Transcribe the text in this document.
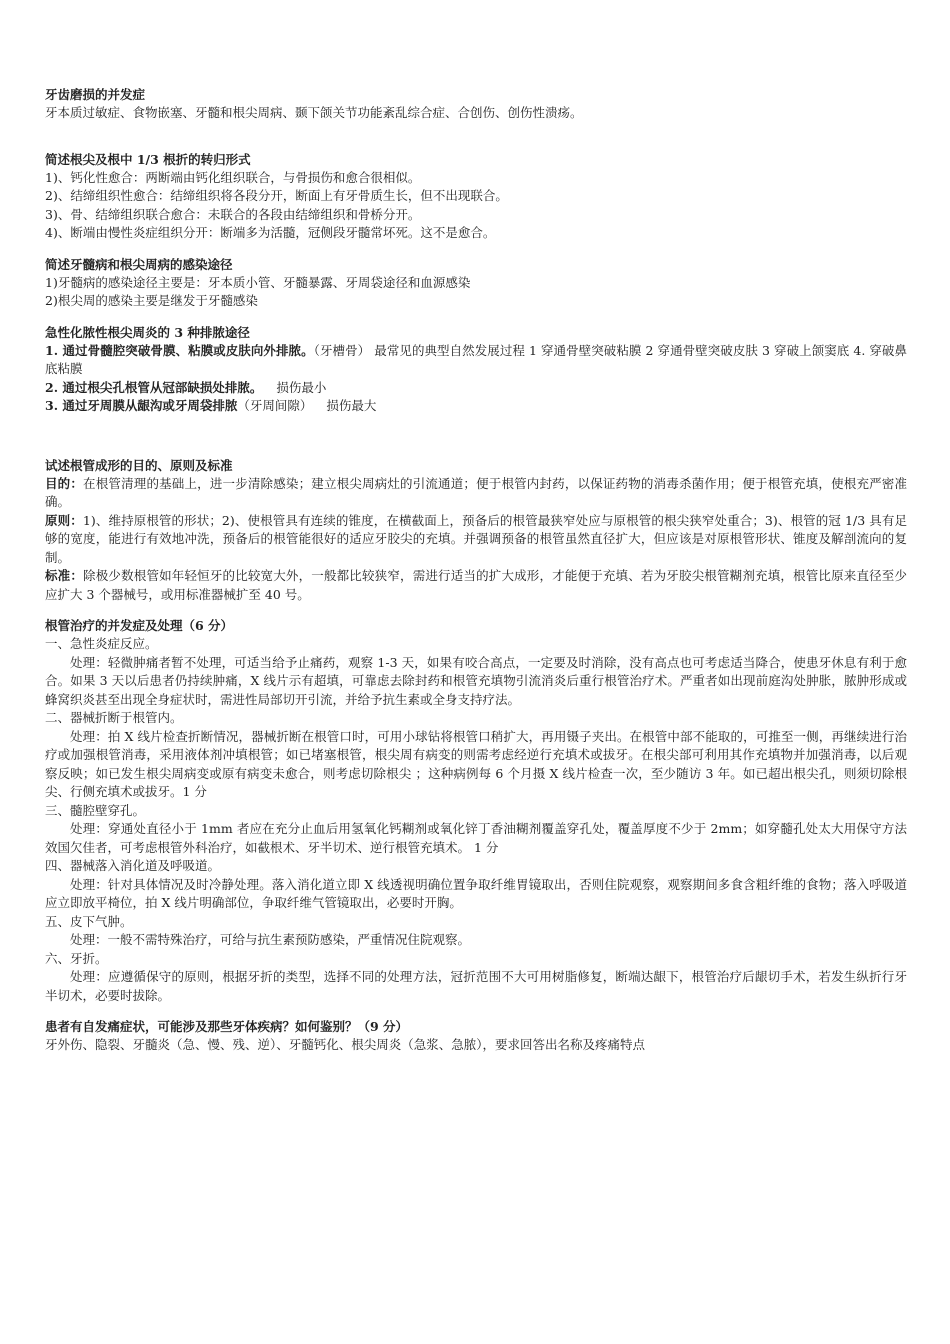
牙齿磨损的并发症

牙本质过敏症、食物嵌塞、牙髓和根尖周病、颞下颌关节功能紊乱综合症、合创伤、创伤性溃疡。

简述根尖及根中 1/3 根折的转归形式

1)、钙化性愈合：两断端由钙化组织联合，与骨损伤和愈合很相似。

2)、结缔组织性愈合：结缔组织将各段分开，断面上有牙骨质生长，但不出现联合。

3)、骨、结缔组织联合愈合：未联合的各段由结缔组织和骨桥分开。

4)、断端由慢性炎症组织分开：断端多为活髓，冠侧段牙髓常坏死。这不是愈合。

简述牙髓病和根尖周病的感染途径

1)牙髓病的感染途径主要是：牙本质小管、牙髓暴露、牙周袋途径和血源感染

2)根尖周的感染主要是继发于牙髓感染

急性化脓性根尖周炎的 3 种排脓途径

1. 通过骨髓腔突破骨膜、粘膜或皮肤向外排脓。（牙槽骨） 最常见的典型自然发展过程 1 穿通骨壁突破粘膜 2 穿通骨壁突破皮肤 3 穿破上颌窦底 4. 穿破鼻底粘膜

2. 通过根尖孔根管从冠部缺损处排脓。 损伤最小

3. 通过牙周膜从龈沟或牙周袋排脓（牙周间隙） 损伤最大

试述根管成形的目的、原则及标准

目的：在根管清理的基础上，进一步清除感染；建立根尖周病灶的引流通道；便于根管内封药，以保证药物的消毒杀菌作用；便于根管充填，使根充严密准确。

原则：1)、维持原根管的形状；2)、使根管具有连续的锥度，在横截面上，预备后的根管最狭窄处应与原根管的根尖狭窄处重合；3)、根管的冠 1/3 具有足够的宽度，能进行有效地冲洗，预备后的根管能很好的适应牙胶尖的充填。并强调预备的根管虽然直径扩大，但应该是对原根管形状、锥度及解剖流向的复制。

标准：除极少数根管如年轻恒牙的比较宽大外，一般都比较狭窄，需进行适当的扩大成形，才能便于充填、若为牙胶尖根管糊剂充填，根管比原来直径至少应扩大 3 个器械号，或用标准器械扩至 40 号。

根管治疗的并发症及处理（6 分）

一、急性炎症反应。

处理：轻微肿痛者暂不处理，可适当给予止痛药，观察 1-3 天，如果有咬合高点，一定要及时消除，没有高点也可考虑适当降合，使患牙休息有利于愈合。如果 3 天以后患者仍持续肿痛，X 线片示有超填，可靠虑去除封药和根管充填物引流消炎后重行根管治疗术。严重者如出现前庭沟处肿胀，脓肿形成或蜂窝织炎甚至出现全身症状时，需进性局部切开引流，并给予抗生素或全身支持疗法。

二、器械折断于根管内。

处理：拍 X 线片检查折断情况，器械折断在根管口时，可用小球钻将根管口稍扩大，再用镊子夹出。在根管中部不能取的，可推至一侧，再继续进行治疗或加强根管消毒，采用液体剂冲填根管；如已堵塞根管，根尖周有病变的则需考虑经逆行充填术或拔牙。在根尖部可利用其作充填物并加强消毒，以后观察反映；如已发生根尖周病变或原有病变未愈合，则考虑切除根尖 ；这种病例每 6 个月摄 X 线片检查一次，至少随访 3 年。如已超出根尖孔，则须切除根尖、行侧充填术或拔牙。1 分

三、髓腔壁穿孔。

处理：穿通处直径小于 1mm 者应在充分止血后用氢氧化钙糊剂或氧化锌丁香油糊剂覆盖穿孔处，覆盖厚度不少于 2mm；如穿髓孔处太大用保守方法效国欠佳者，可考虑根管外科治疗，如截根术、牙半切术、逆行根管充填术。 1 分

四、器械落入消化道及呼吸道。

处理：针对具体情况及时冷静处理。落入消化道立即 X 线透视明确位置争取纤维胃镜取出，否则住院观察，观察期间多食含粗纤维的食物；落入呼吸道应立即放平椅位，拍 X 线片明确部位，争取纤维气管镜取出，必要时开胸。

五、皮下气肿。

处理：一般不需特殊治疗，可给与抗生素预防感染，严重情况住院观察。

六、牙折。

处理：应遵循保守的原则，根据牙折的类型，选择不同的处理方法，冠折范围不大可用树脂修复，断端达龈下，根管治疗后龈切手术，若发生纵折行牙半切术，必要时拔除。

患者有自发痛症状，可能涉及那些牙体疾病？如何鉴别？（9 分）

牙外伤、隐裂、牙髓炎（急、慢、残、逆）、牙髓钙化、根尖周炎（急浆、急脓），要求回答出名称及疼痛特点
